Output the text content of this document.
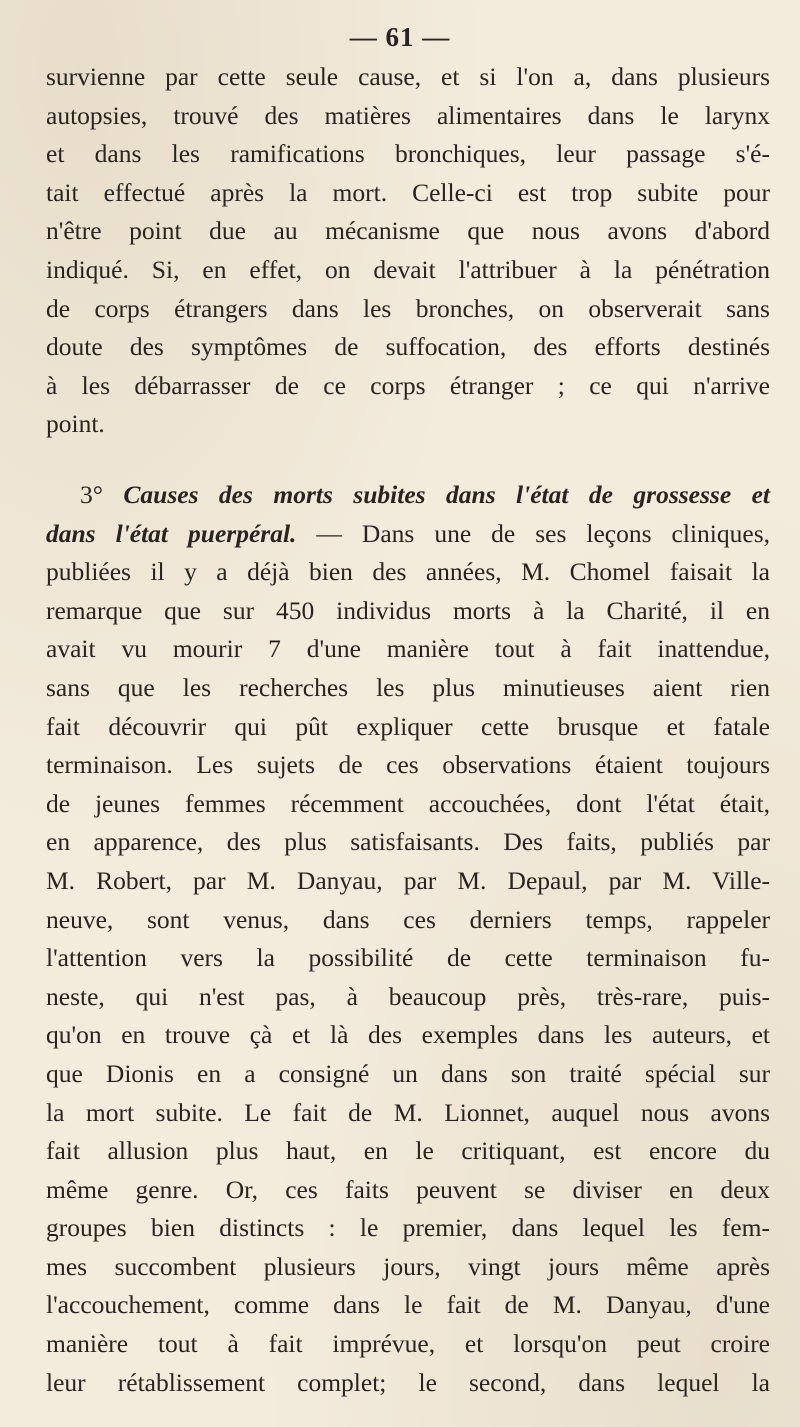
— 61 —
survienne par cette seule cause, et si l'on a, dans plusieurs
autopsies, trouvé des matières alimentaires dans le larynx
et dans les ramifications bronchiques, leur passage s'é-
tait effectué après la mort. Celle-ci est trop subite pour
n'être point due au mécanisme que nous avons d'abord
indiqué. Si, en effet, on devait l'attribuer à la pénétration
de corps étrangers dans les bronches, on observerait sans
doute des symptômes de suffocation, des efforts destinés
à les débarrasser de ce corps étranger ; ce qui n'arrive
point.
3° Causes des morts subites dans l'état de grossesse et
dans l'état puerpéral. — Dans une de ses leçons cliniques,
publiées il y a déjà bien des années, M. Chomel faisait la
remarque que sur 450 individus morts à la Charité, il en
avait vu mourir 7 d'une manière tout à fait inattendue,
sans que les recherches les plus minutieuses aient rien
fait découvrir qui pût expliquer cette brusque et fatale
terminaison. Les sujets de ces observations étaient toujours
de jeunes femmes récemment accouchées, dont l'état était,
en apparence, des plus satisfaisants. Des faits, publiés par
M. Robert, par M. Danyau, par M. Depaul, par M. Ville-
neuve, sont venus, dans ces derniers temps, rappeler
l'attention vers la possibilité de cette terminaison fu-
neste, qui n'est pas, à beaucoup près, très-rare, puis-
qu'on en trouve çà et là des exemples dans les auteurs, et
que Dionis en a consigné un dans son traité spécial sur
la mort subite. Le fait de M. Lionnet, auquel nous avons
fait allusion plus haut, en le critiquant, est encore du
même genre. Or, ces faits peuvent se diviser en deux
groupes bien distincts : le premier, dans lequel les fem-
mes succombent plusieurs jours, vingt jours même après
l'accouchement, comme dans le fait de M. Danyau, d'une
manière tout à fait imprévue, et lorsqu'on peut croire
leur rétablissement complet; le second, dans lequel la
